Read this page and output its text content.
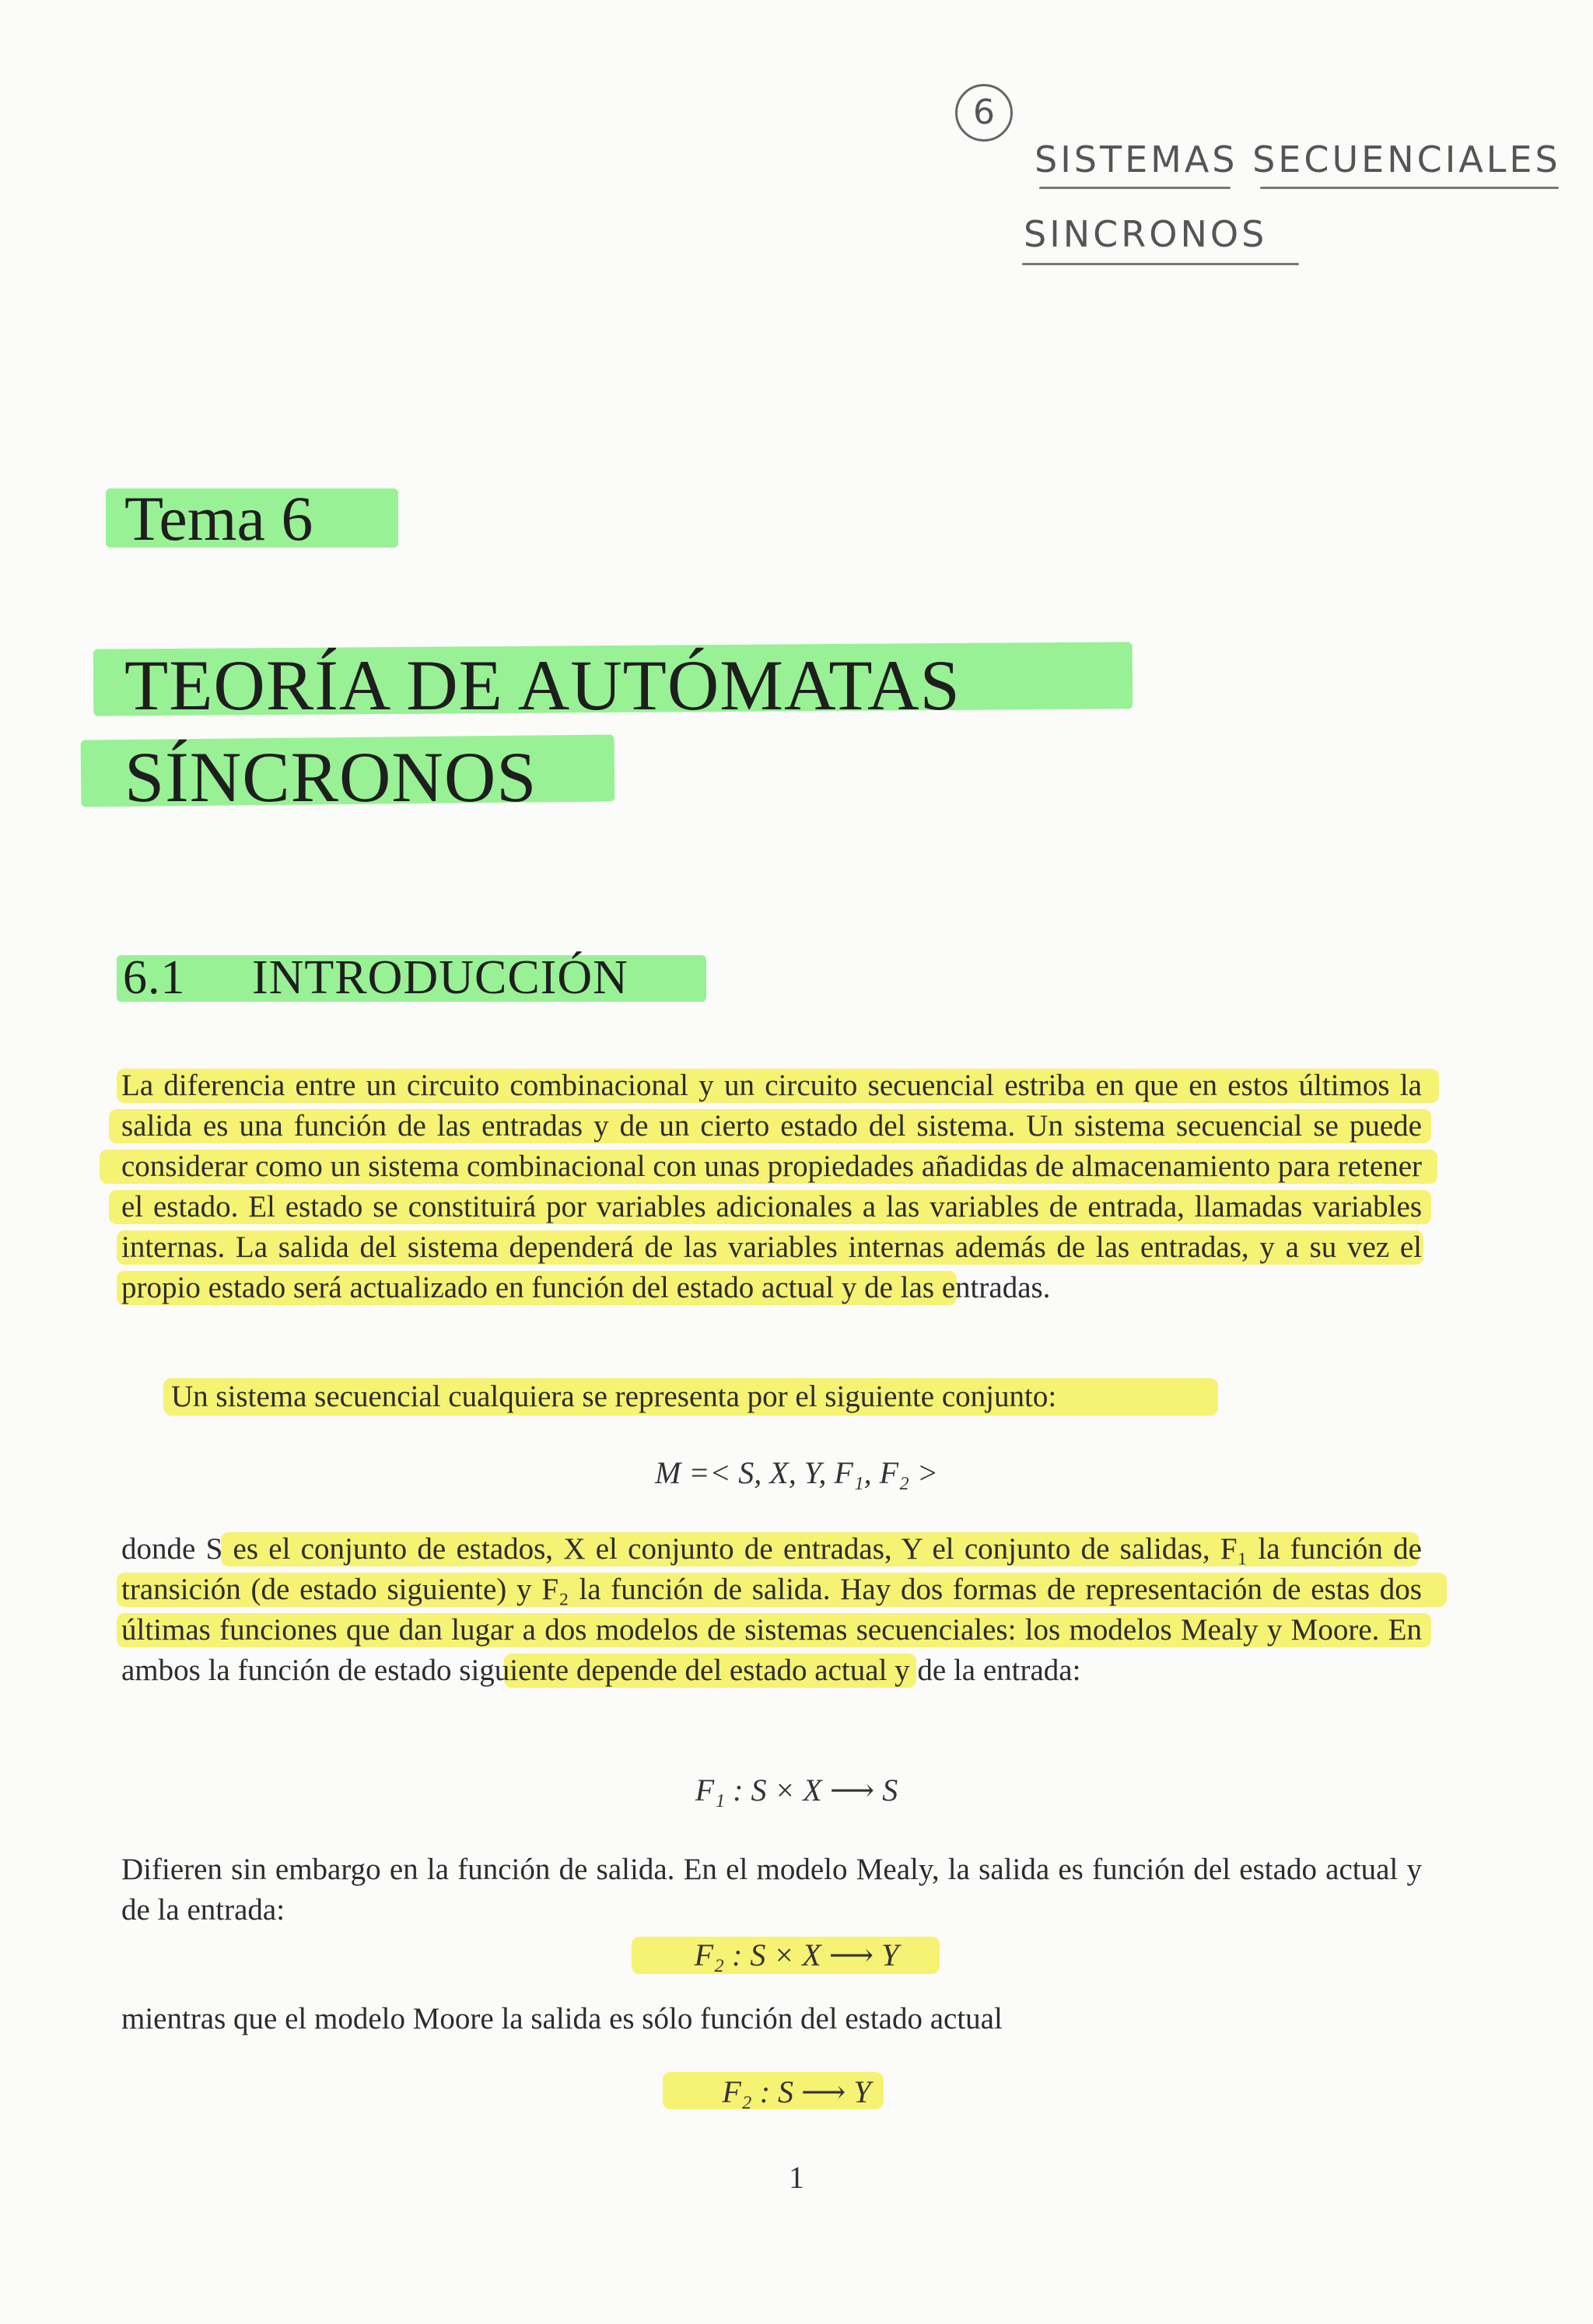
6
SISTEMAS SECUENCIALES
SINCRONOS
Tema 6
TEORÍA DE AUTÓMATAS
SÍNCRONOS
6.1 INTRODUCCIÓN
La diferencia entre un circuito combinacional y un circuito secuencial estriba en que en estos últimos la salida es una función de las entradas y de un cierto estado del sistema. Un sistema secuencial se puede considerar como un sistema combinacional con unas propiedades añadidas de almacenamiento para retener el estado. El estado se constituirá por variables adicionales a las variables de entrada, llamadas variables internas. La salida del sistema dependerá de las variables internas además de las entradas, y a su vez el propio estado será actualizado en función del estado actual y de las entradas.
Un sistema secuencial cualquiera se representa por el siguiente conjunto:
M =< S, X, Y, F₁, F₂ >
donde S es el conjunto de estados, X el conjunto de entradas, Y el conjunto de salidas, F₁ la función de transición (de estado siguiente) y F₂ la función de salida. Hay dos formas de representación de estas dos últimas funciones que dan lugar a dos modelos de sistemas secuenciales: los modelos Mealy y Moore. En ambos la función de estado siguiente depende del estado actual y de la entrada:
F₁ : S × X ⟶ S
Difieren sin embargo en la función de salida. En el modelo Mealy, la salida es función del estado actual y de la entrada:
F₂ : S × X ⟶ Y
mientras que el modelo Moore la salida es sólo función del estado actual
F₂ : S ⟶ Y
1
